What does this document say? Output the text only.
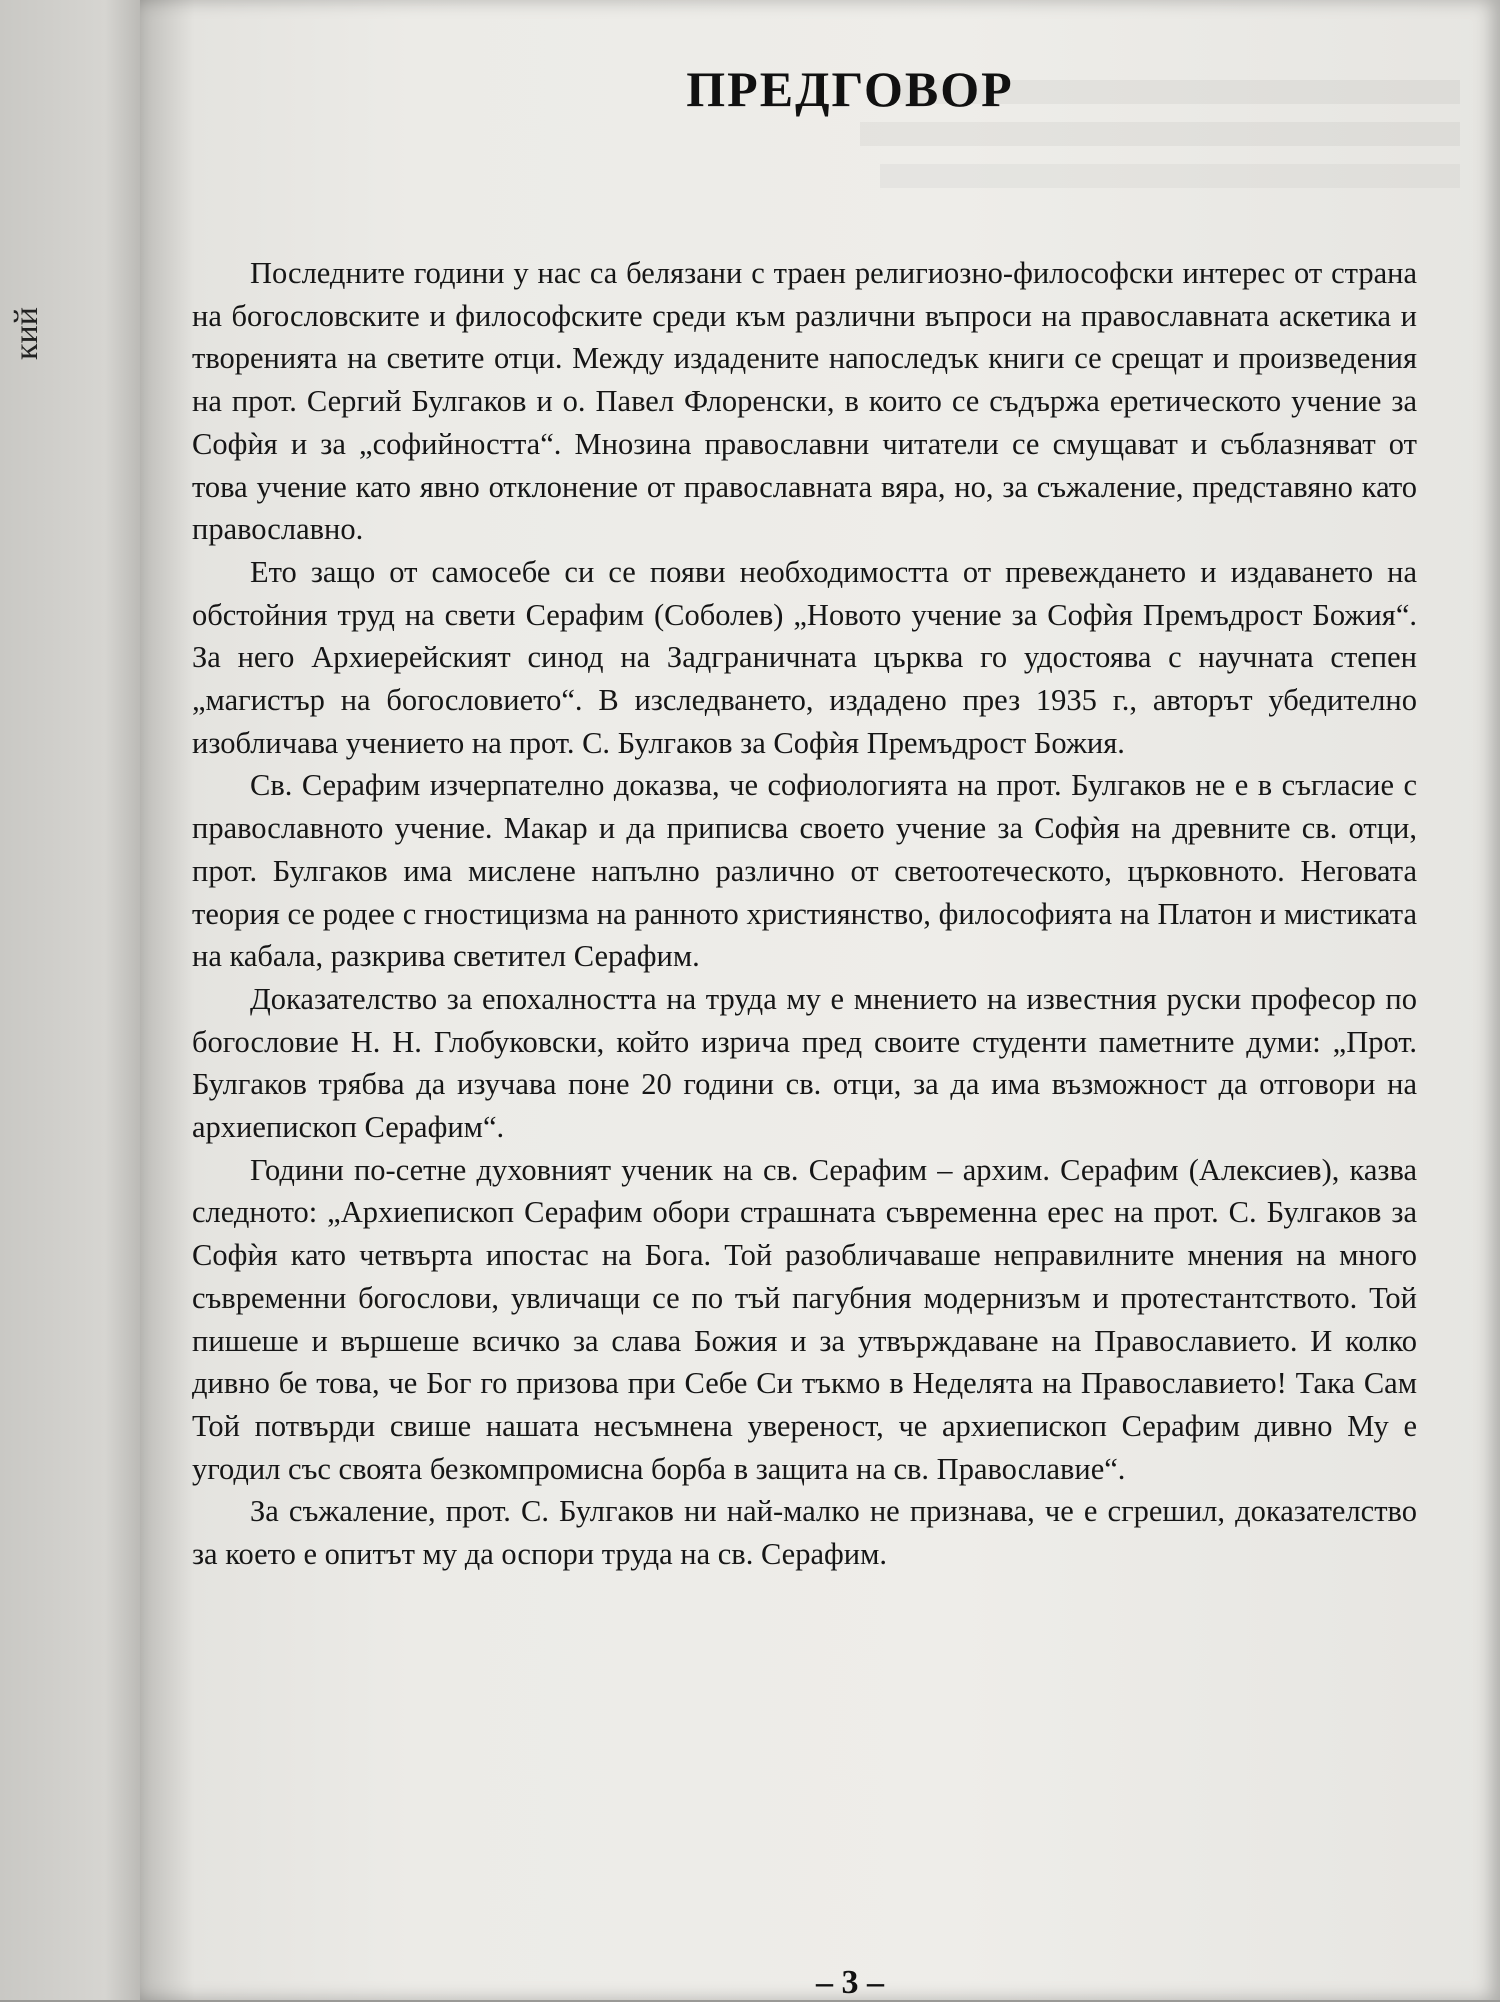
кий
ПРЕДГОВОР

Последните години у нас са белязани с траен религиозно-философски интерес от страна на богословските и философските среди към различни въпроси на православната аскетика и творенията на светите отци. Между издадените напоследък книги се срещат и произведения на прот. Сергий Булгаков и о. Павел Флоренски, в които се съдържа еретическото учение за Софѝя и за „софийността“. Мнозина православни читатели се смущават и съблазняват от това учение като явно отклонение от православната вяра, но, за съжаление, представяно като православно.

Ето защо от самосебе си се появи необходимостта от превеждането и издаването на обстойния труд на свети Серафим (Соболев) „Новото учение за Софѝя Премъдрост Божия“. За него Архиерейският синод на Задграничната църква го удостоява с научната степен „магистър на богословието“. В изследването, издадено през 1935 г., авторът убедително изобличава учението на прот. С. Булгаков за Софѝя Премъдрост Божия.

Св. Серафим изчерпателно доказва, че софиологията на прот. Булгаков не е в съгласие с православното учение. Макар и да приписва своето учение за Софѝя на древните св. отци, прот. Булгаков има мислене напълно различно от светоотеческото, църковното. Неговата теория се родее с гностицизма на ранното християнство, философията на Платон и мистиката на кабала, разкрива светител Серафим.

Доказателство за епохалността на труда му е мнението на известния руски професор по богословие Н. Н. Глобуковски, който изрича пред своите студенти паметните думи: „Прот. Булгаков трябва да изучава поне 20 години св. отци, за да има възможност да отговори на архиепископ Серафим“.

Години по-сетне духовният ученик на св. Серафим – архим. Серафим (Алексиев), казва следното: „Архиепископ Серафим обори страшната съвременна ерес на прот. С. Булгаков за Софѝя като четвърта ипостас на Бога. Той разобличаваше неправилните мнения на много съвременни богослови, увличащи се по тъй пагубния модернизъм и протестантството. Той пишеше и вършеше всичко за слава Божия и за утвърждаване на Православието. И колко дивно бе това, че Бог го призова при Себе Си тъкмо в Неделята на Православието! Така Сам Той потвърди свише нашата несъмнена увереност, че архиепископ Серафим дивно Му е угодил със своята безкомпромисна борба в защита на св. Православие“.

За съжаление, прот. С. Булгаков ни най-малко не признава, че е сгрешил, доказателство за което е опитът му да оспори труда на св. Серафим.

– 3 –
